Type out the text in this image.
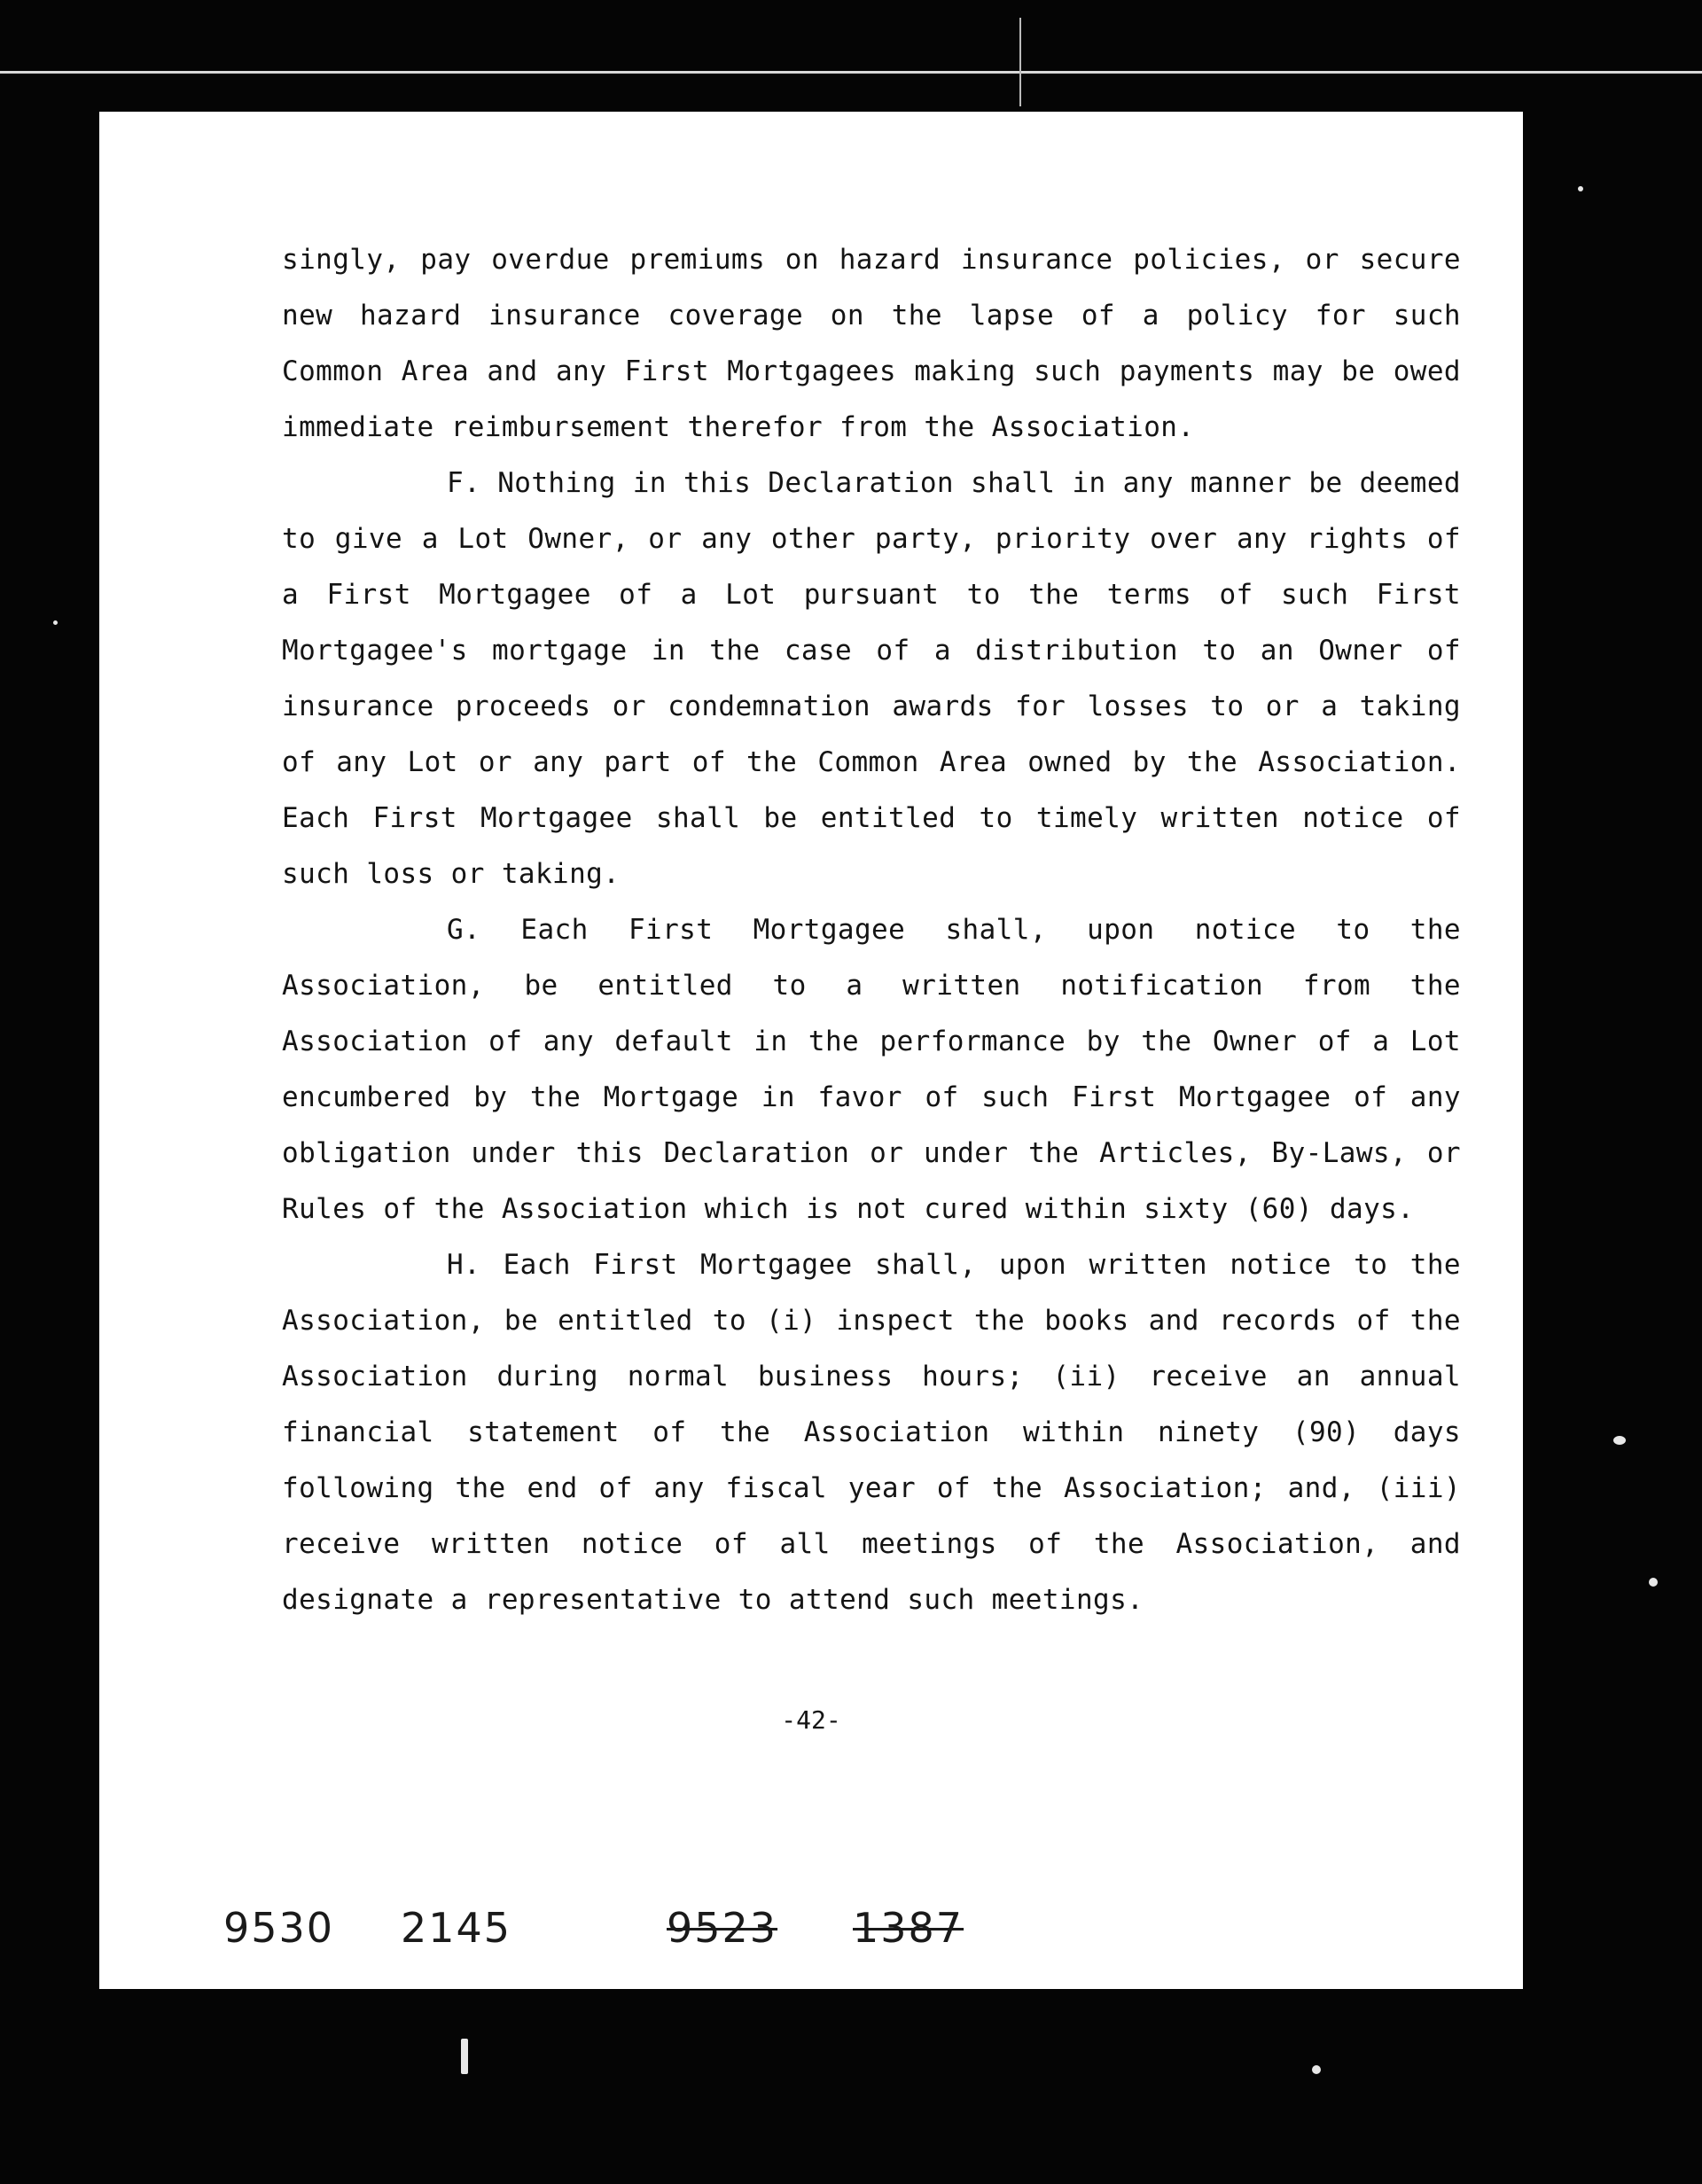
singly, pay overdue premiums on hazard insurance policies, or secure new hazard insurance coverage on the lapse of a policy for such Common Area and any First Mortgagees making such payments may be owed immediate reimbursement therefor from the Association.

F. Nothing in this Declaration shall in any manner be deemed to give a Lot Owner, or any other party, priority over any rights of a First Mortgagee of a Lot pursuant to the terms of such First Mortgagee's mortgage in the case of a distribution to an Owner of insurance proceeds or condemnation awards for losses to or a taking of any Lot or any part of the Common Area owned by the Association. Each First Mortgagee shall be entitled to timely written notice of such loss or taking.

G. Each First Mortgagee shall, upon notice to the Association, be entitled to a written notification from the Association of any default in the performance by the Owner of a Lot encumbered by the Mortgage in favor of such First Mortgagee of any obligation under this Declaration or under the Articles, By-Laws, or Rules of the Association which is not cured within sixty (60) days.

H. Each First Mortgagee shall, upon written notice to the Association, be entitled to (i) inspect the books and records of the Association during normal business hours; (ii) receive an annual financial statement of the Association within ninety (90) days following the end of any fiscal year of the Association; and, (iii) receive written notice of all meetings of the Association, and designate a representative to attend such meetings.

-42-
9530 2145	9523 1387
